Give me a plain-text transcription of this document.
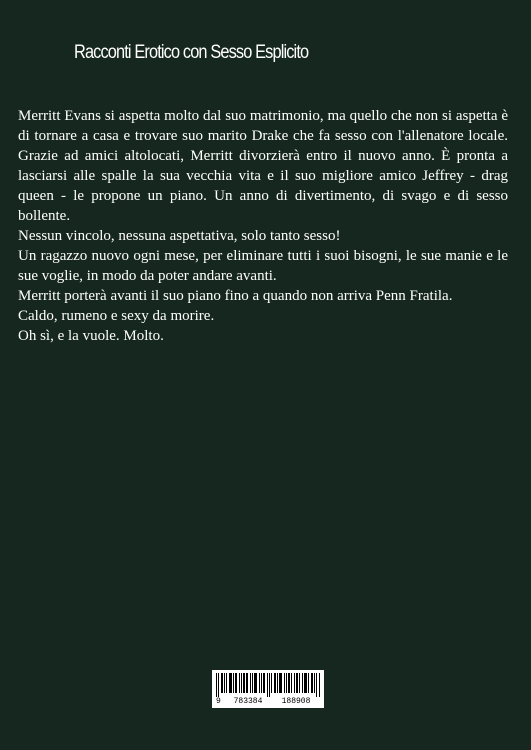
Racconti Erotico con Sesso Esplicito

Merritt Evans si aspetta molto dal suo matrimonio, ma quello che non si aspetta è di tornare a casa e trovare suo marito Drake che fa sesso con l'allenatore locale. Grazie ad amici altolocati, Merritt divorzierà entro il nuovo anno. È pronta a lasciarsi alle spalle la sua vecchia vita e il suo migliore amico Jeffrey - drag queen - le propone un piano. Un anno di divertimento, di svago e di sesso bollente.

Nessun vincolo, nessuna aspettativa, solo tanto sesso!

Un ragazzo nuovo ogni mese, per eliminare tutti i suoi bisogni, le sue manie e le sue voglie, in modo da poter andare avanti.

Merritt porterà avanti il suo piano fino a quando non arriva Penn Fratila.

Caldo, rumeno e sexy da morire.

Oh sì, e la vuole. Molto.

9	783384	188908
